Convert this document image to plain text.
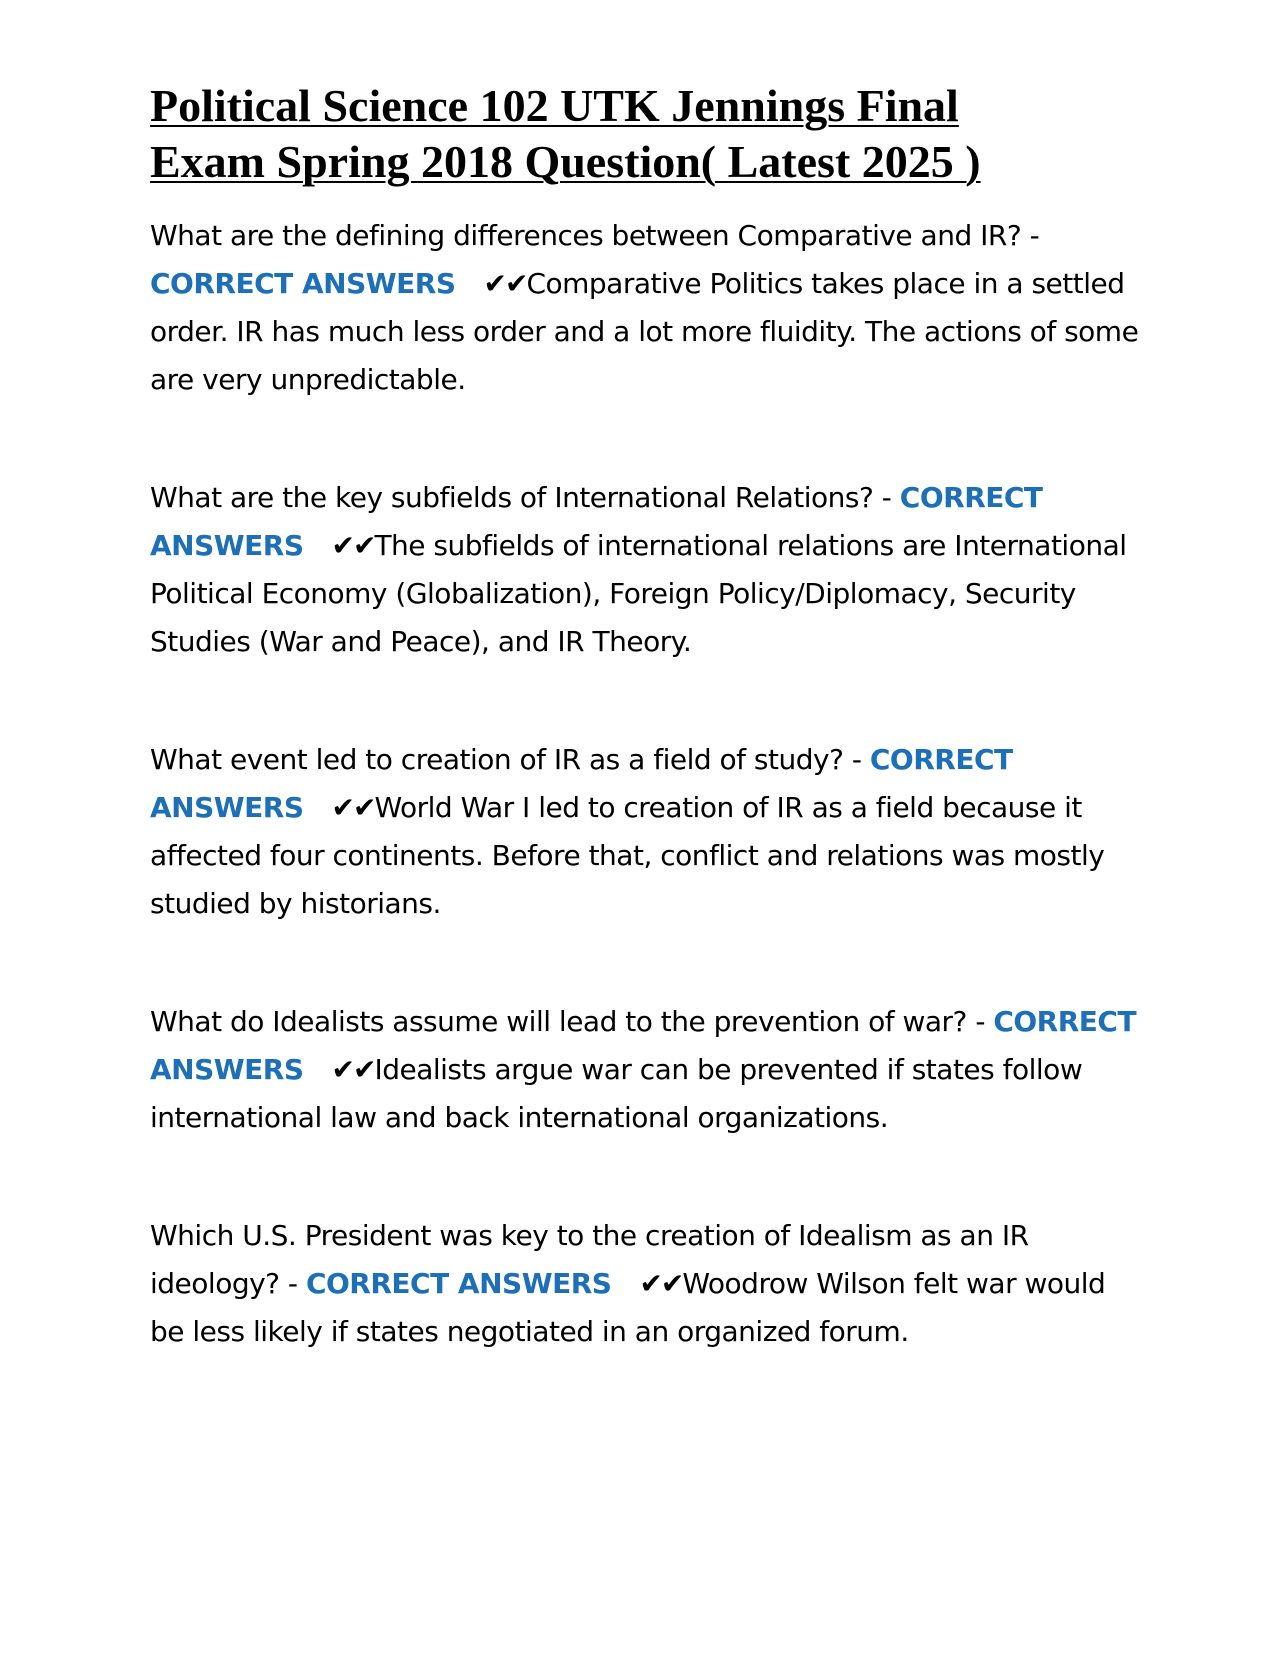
Political Science 102 UTK Jennings Final
Exam Spring 2018 Question( Latest 2025 )

What are the defining differences between Comparative and IR? -
CORRECT ANSWERS ✔✔Comparative Politics takes place in a settled order. IR has much less order and a lot more fluidity. The actions of some are very unpredictable.

What are the key subfields of International Relations? - CORRECT ANSWERS ✔✔The subfields of international relations are International Political Economy (Globalization), Foreign Policy/Diplomacy, Security Studies (War and Peace), and IR Theory.

What event led to creation of IR as a field of study? - CORRECT ANSWERS ✔✔World War I led to creation of IR as a field because it affected four continents. Before that, conflict and relations was mostly studied by historians.

What do Idealists assume will lead to the prevention of war? - CORRECT ANSWERS ✔✔Idealists argue war can be prevented if states follow international law and back international organizations.

Which U.S. President was key to the creation of Idealism as an IR ideology? - CORRECT ANSWERS ✔✔Woodrow Wilson felt war would be less likely if states negotiated in an organized forum.
